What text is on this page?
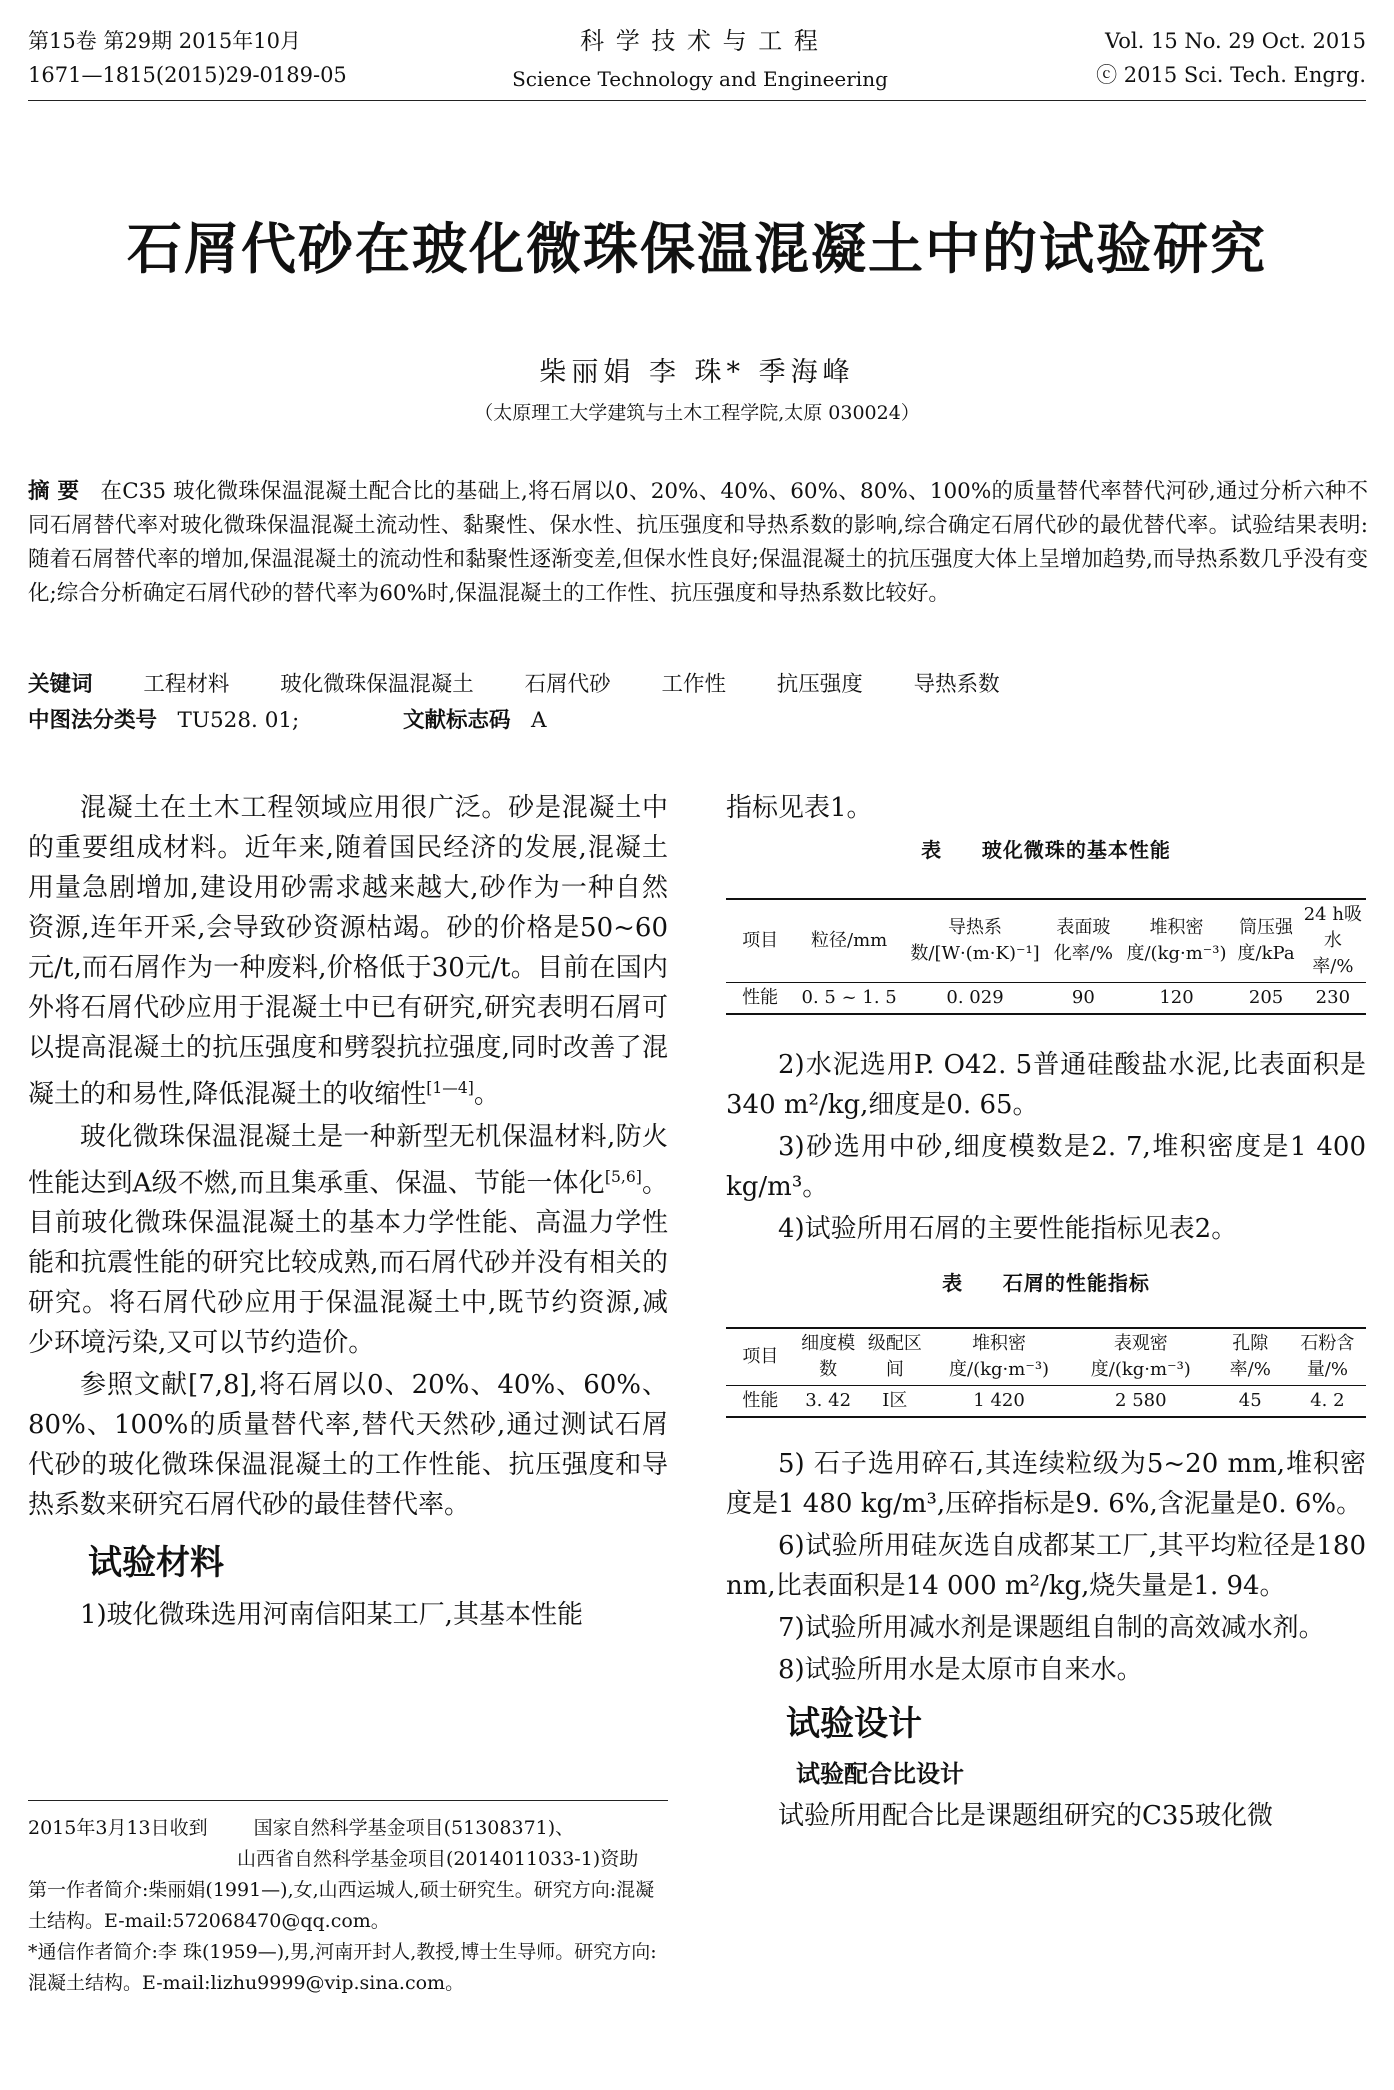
第15卷 第29期 2015年10月
1671—1815(2015)29-0189-05
科 学 技 术 与 工 程
Science Technology and Engineering
Vol. 15 No. 29 Oct. 2015
ⓒ 2015 Sci. Tech. Engrg.
石屑代砂在玻化微珠保温混凝土中的试验研究
柴丽娟 李 珠* 季海峰
（太原理工大学建筑与土木工程学院,太原 030024）
摘 要 在C35 玻化微珠保温混凝土配合比的基础上,将石屑以0、20%、40%、60%、80%、100%的质量替代率替代河砂,通过分析六种不同石屑替代率对玻化微珠保温混凝土流动性、黏聚性、保水性、抗压强度和导热系数的影响,综合确定石屑代砂的最优替代率。试验结果表明:随着石屑替代率的增加,保温混凝土的流动性和黏聚性逐渐变差,但保水性良好;保温混凝土的抗压强度大体上呈增加趋势,而导热系数几乎没有变化;综合分析确定石屑代砂的替代率为60%时,保温混凝土的工作性、抗压强度和导热系数比较好。
关键词 工程材料 玻化微珠保温混凝土 石屑代砂 工作性 抗压强度 导热系数
中图法分类号 TU528. 01;	文献标志码 A

混凝土在土木工程领域应用很广泛。砂是混凝土中的重要组成材料。近年来,随着国民经济的发展,混凝土用量急剧增加,建设用砂需求越来越大,砂作为一种自然资源,连年开采,会导致砂资源枯竭。砂的价格是50~60元/t,而石屑作为一种废料,价格低于30元/t。目前在国内外将石屑代砂应用于混凝土中已有研究,研究表明石屑可以提高混凝土的抗压强度和劈裂抗拉强度,同时改善了混凝土的和易性,降低混凝土的收缩性[1—4]。

玻化微珠保温混凝土是一种新型无机保温材料,防火性能达到A级不燃,而且集承重、保温、节能一体化[5,6]。目前玻化微珠保温混凝土的基本力学性能、高温力学性能和抗震性能的研究比较成熟,而石屑代砂并没有相关的研究。将石屑代砂应用于保温混凝土中,既节约资源,减少环境污染,又可以节约造价。

参照文献[7,8],将石屑以0、20%、40%、60%、80%、100%的质量替代率,替代天然砂,通过测试石屑代砂的玻化微珠保温混凝土的工作性能、抗压强度和导热系数来研究石屑代砂的最佳替代率。

试验材料

1)玻化微珠选用河南信阳某工厂,其基本性能

2015年3月13日收到 国家自然科学基金项目(51308371)、
山西省自然科学基金项目(2014011033-1)资助
第一作者简介:柴丽娟(1991—),女,山西运城人,硕士研究生。研究方向:混凝土结构。E-mail:572068470@qq.com。
*通信作者简介:李 珠(1959—),男,河南开封人,教授,博士生导师。研究方向:混凝土结构。E-mail:lizhu9999@vip.sina.com。

指标见表1。

表 玻化微珠的基本性能
项目	粒径/mm	导热系数/[W·(m·K)⁻¹]	表面玻化率/%	堆积密度/(kg·m⁻³)	筒压强度/kPa	24 h吸水率/%
性能	0. 5 ~ 1. 5	0. 029	90	120	205	230

2)水泥选用P. O42. 5普通硅酸盐水泥,比表面积是340 m²/kg,细度是0. 65。

3)砂选用中砂,细度模数是2. 7,堆积密度是1 400 kg/m³。

4)试验所用石屑的主要性能指标见表2。

表 石屑的性能指标
项目	细度模数	级配区间	堆积密度/(kg·m⁻³)	表观密度/(kg·m⁻³)	孔隙率/%	石粉含量/%
性能	3. 42	Ⅰ区	1 420	2 580	45	4. 2

5) 石子选用碎石,其连续粒级为5~20 mm,堆积密度是1 480 kg/m³,压碎指标是9. 6%,含泥量是0. 6%。

6)试验所用硅灰选自成都某工厂,其平均粒径是180 nm,比表面积是14 000 m²/kg,烧失量是1. 94。

7)试验所用减水剂是课题组自制的高效减水剂。

8)试验所用水是太原市自来水。

试验设计
试验配合比设计

试验所用配合比是课题组研究的C35玻化微
